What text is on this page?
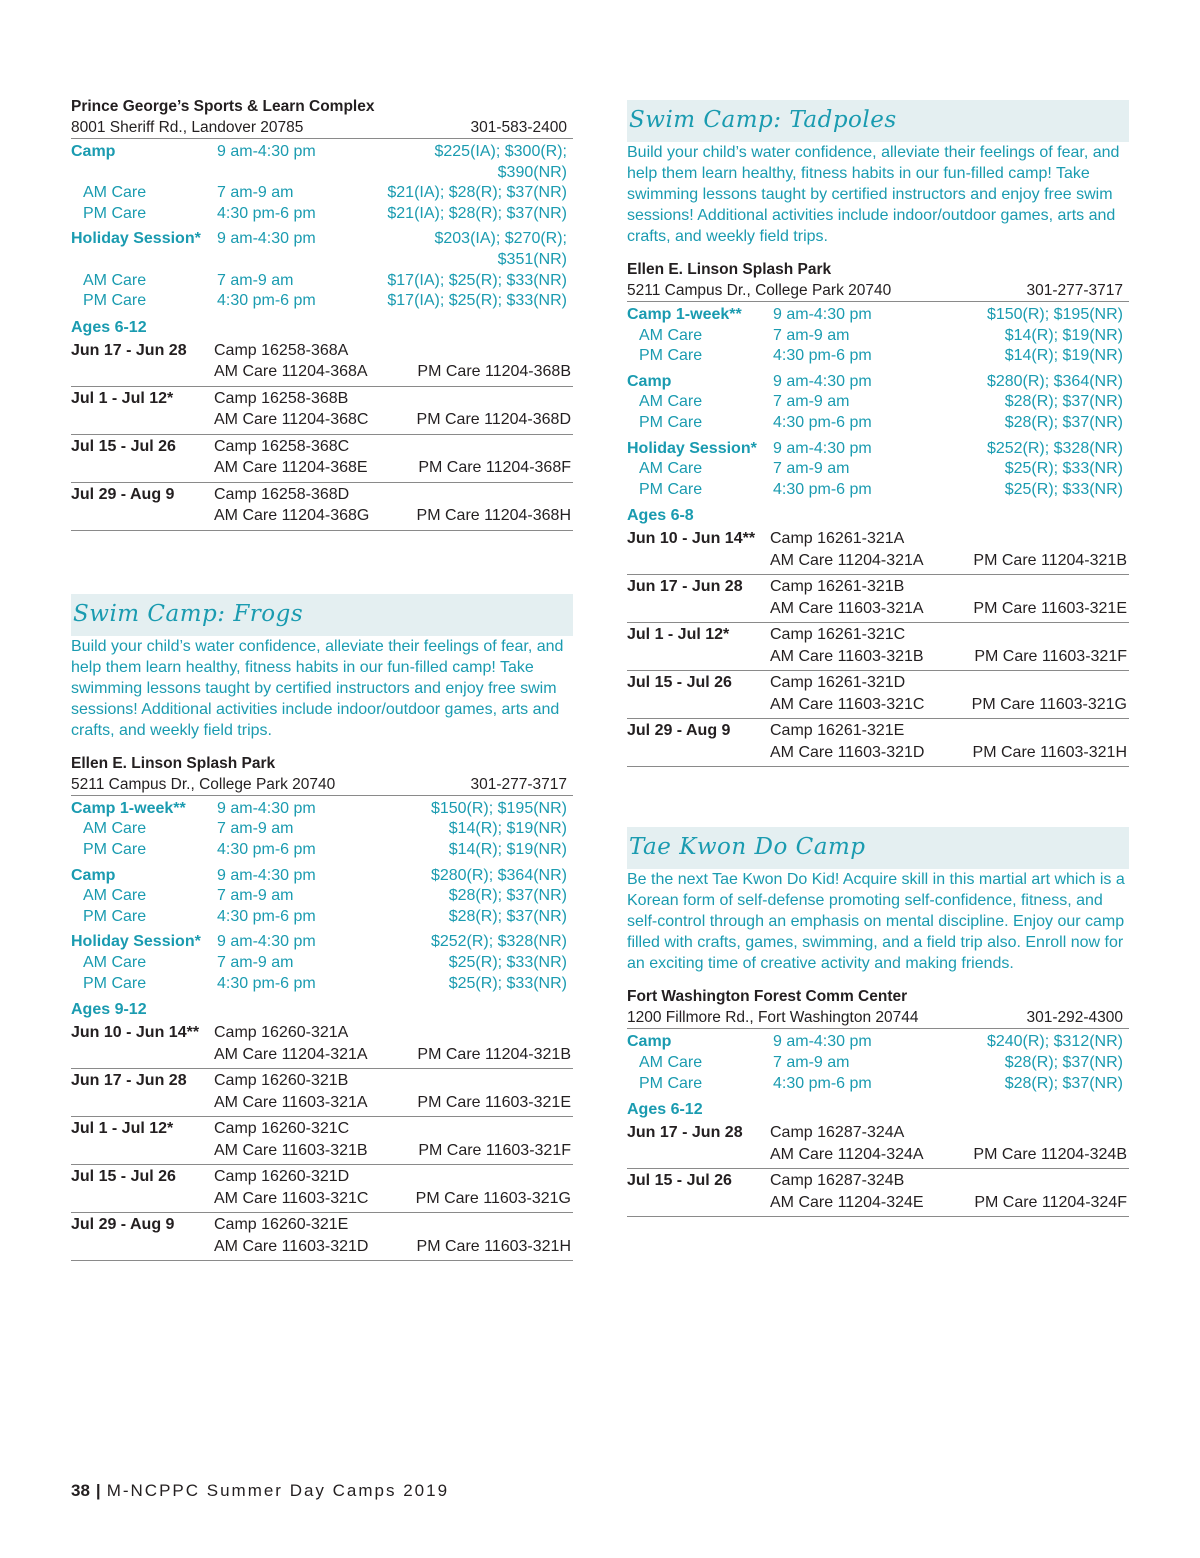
Prince George’s Sports & Learn Complex
8001 Sheriff Rd., Landover 20785	301-583-2400
Camp	9 am-4:30 pm	$225(IA); $300(R); $390(NR)
AM Care	7 am-9 am	$21(IA); $28(R); $37(NR)
PM Care	4:30 pm-6 pm	$21(IA); $28(R); $37(NR)
Holiday Session*	9 am-4:30 pm	$203(IA); $270(R); $351(NR)
AM Care	7 am-9 am	$17(IA); $25(R); $33(NR)
PM Care	4:30 pm-6 pm	$17(IA); $25(R); $33(NR)
Ages 6-12
Jun 17 - Jun 28	Camp 16258-368A
AM Care 11204-368A	PM Care 11204-368B
Jul 1 - Jul 12*	Camp 16258-368B
AM Care 11204-368C	PM Care 11204-368D
Jul 15 - Jul 26	Camp 16258-368C
AM Care 11204-368E	PM Care 11204-368F
Jul 29 - Aug 9	Camp 16258-368D
AM Care 11204-368G	PM Care 11204-368H
Swim Camp: Frogs

Build your child’s water confidence, alleviate their feelings of fear, and help them learn healthy, fitness habits in our fun-filled camp! Take swimming lessons taught by certified instructors and enjoy free swim sessions! Additional activities include indoor/outdoor games, arts and crafts, and weekly field trips.

Ellen E. Linson Splash Park
5211 Campus Dr., College Park 20740	301-277-3717
Camp 1-week**	9 am-4:30 pm	$150(R); $195(NR)
AM Care	7 am-9 am	$14(R); $19(NR)
PM Care	4:30 pm-6 pm	$14(R); $19(NR)
Camp	9 am-4:30 pm	$280(R); $364(NR)
AM Care	7 am-9 am	$28(R); $37(NR)
PM Care	4:30 pm-6 pm	$28(R); $37(NR)
Holiday Session*	9 am-4:30 pm	$252(R); $328(NR)
AM Care	7 am-9 am	$25(R); $33(NR)
PM Care	4:30 pm-6 pm	$25(R); $33(NR)
Ages 9-12
Jun 10 - Jun 14** Camp 16260-321A
AM Care 11204-321A	PM Care 11204-321B
Jun 17 - Jun 28	Camp 16260-321B
AM Care 11603-321A	PM Care 11603-321E
Jul 1 - Jul 12*	Camp 16260-321C
AM Care 11603-321B	PM Care 11603-321F
Jul 15 - Jul 26	Camp 16260-321D
AM Care 11603-321C	PM Care 11603-321G
Jul 29 - Aug 9	Camp 16260-321E
AM Care 11603-321D	PM Care 11603-321H
Swim Camp: Tadpoles

Build your child’s water confidence, alleviate their feelings of fear, and help them learn healthy, fitness habits in our fun-filled camp! Take swimming lessons taught by certified instructors and enjoy free swim sessions! Additional activities include indoor/outdoor games, arts and crafts, and weekly field trips.

Ellen E. Linson Splash Park
5211 Campus Dr., College Park 20740	301-277-3717
Camp 1-week**	9 am-4:30 pm	$150(R); $195(NR)
AM Care	7 am-9 am	$14(R); $19(NR)
PM Care	4:30 pm-6 pm	$14(R); $19(NR)
Camp	9 am-4:30 pm	$280(R); $364(NR)
AM Care	7 am-9 am	$28(R); $37(NR)
PM Care	4:30 pm-6 pm	$28(R); $37(NR)
Holiday Session*	9 am-4:30 pm	$252(R); $328(NR)
AM Care	7 am-9 am	$25(R); $33(NR)
PM Care	4:30 pm-6 pm	$25(R); $33(NR)
Ages 6-8
Jun 10 - Jun 14** Camp 16261-321A
AM Care 11204-321A	PM Care 11204-321B
Jun 17 - Jun 28	Camp 16261-321B
AM Care 11603-321A	PM Care 11603-321E
Jul 1 - Jul 12*	Camp 16261-321C
AM Care 11603-321B	PM Care 11603-321F
Jul 15 - Jul 26	Camp 16261-321D
AM Care 11603-321C	PM Care 11603-321G
Jul 29 - Aug 9	Camp 16261-321E
AM Care 11603-321D	PM Care 11603-321H
Tae Kwon Do Camp

Be the next Tae Kwon Do Kid! Acquire skill in this martial art which is a Korean form of self-defense promoting self-confidence, fitness, and self-control through an emphasis on mental discipline. Enjoy our camp filled with crafts, games, swimming, and a field trip also. Enroll now for an exciting time of creative activity and making friends.

Fort Washington Forest Comm Center
1200 Fillmore Rd., Fort Washington 20744	301-292-4300
Camp	9 am-4:30 pm	$240(R); $312(NR)
AM Care	7 am-9 am	$28(R); $37(NR)
PM Care	4:30 pm-6 pm	$28(R); $37(NR)
Ages 6-12
Jun 17 - Jun 28	Camp 16287-324A
AM Care 11204-324A	PM Care 11204-324B
Jul 15 - Jul 26	Camp 16287-324B
AM Care 11204-324E	PM Care 11204-324F
38 | M-NCPPC Summer Day Camps 2019
